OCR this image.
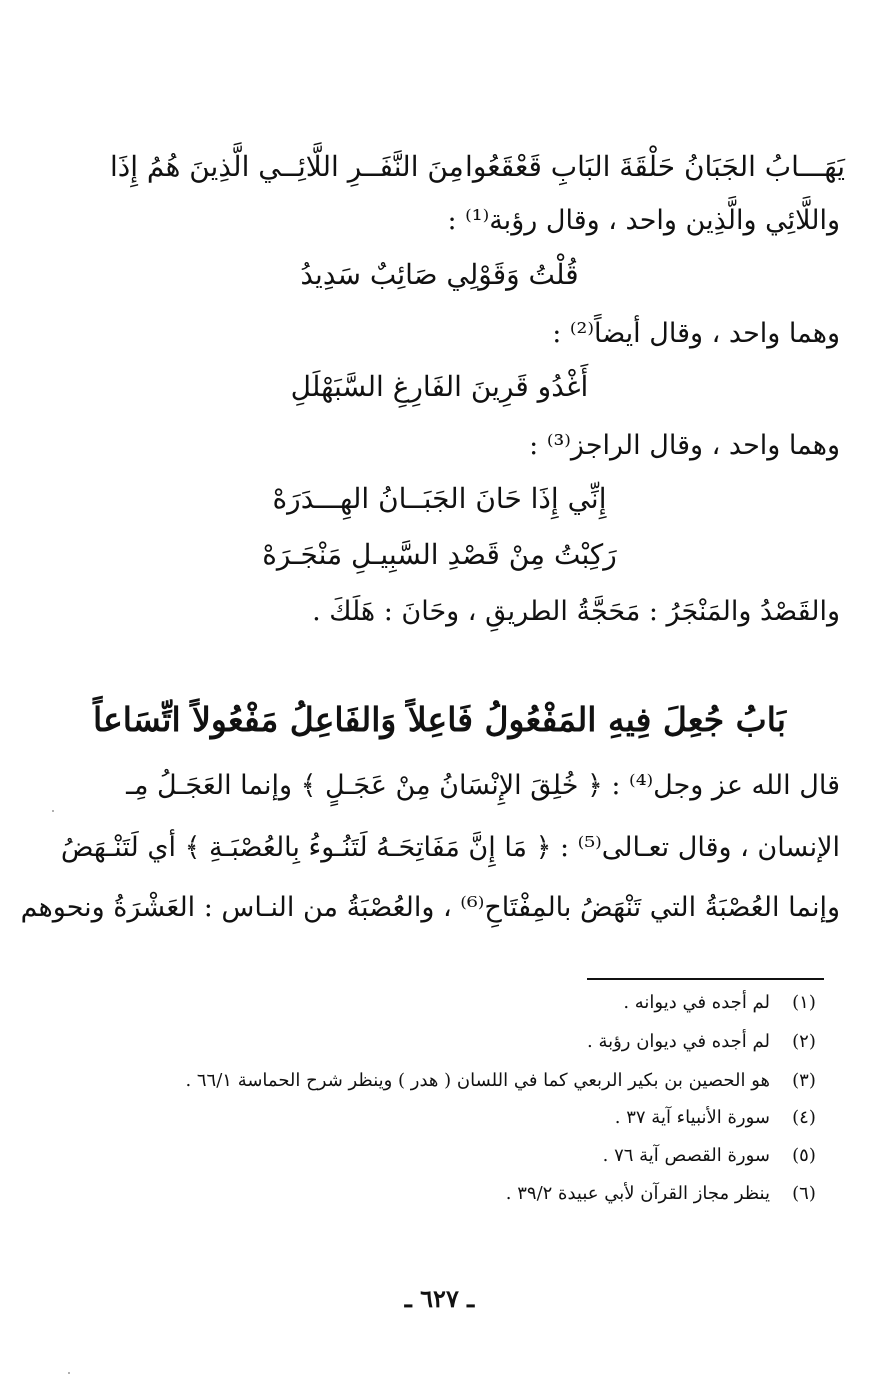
يَهَـــابُ الجَبَانُ حَلْقَةَ البَابِ قَعْقَعُوا
مِنَ النَّفَــرِ اللَّائِــي الَّذِينَ هُمُ إِذَا
واللَّائِي والَّذِين واحد ، وقال رؤبة⁽¹⁾ :
قُلْتُ وَقَوْلِي صَائِبٌ سَدِيدُ
وهما واحد ، وقال أيضاً⁽²⁾ :
أَغْدُو قَرِينَ الفَارِغِ السَّبَهْلَلِ
وهما واحد ، وقال الراجز⁽³⁾ :
إِنِّي إِذَا حَانَ الجَبَــانُ الهِـــدَرَهْ
رَكِبْتُ مِنْ قَصْدِ السَّبِيـلِ مَنْجَـرَهْ
والقَصْدُ والمَنْجَرُ : مَحَجَّةُ الطريقِ ، وحَانَ : هَلَكَ .
بَابُ جُعِلَ فِيهِ المَفْعُولُ فَاعِلاً وَالفَاعِلُ مَفْعُولاً اتِّسَاعاً
قال الله عز وجل⁽⁴⁾ : ﴿ خُلِقَ الإِنْسَانُ مِنْ عَجَـلٍ ﴾ وإنما العَجَـلُ مِـ
الإنسان ، وقال تعـالى⁽⁵⁾ : ﴿ مَا إِنَّ مَفَاتِحَـهُ لَتَنُـوءُ بِالعُصْبَـةِ ﴾ أي لَتَنْـهَضُ
وإنما العُصْبَةُ التي تَنْهَضُ بالمِفْتَاحِ⁽⁶⁾ ، والعُصْبَةُ من النـاس : العَشْرَةُ ونحوهم
(١)لم أجده في ديوانه .
(٢)لم أجده في ديوان رؤبة .
(٣)هو الحصين بن بكير الربعي كما في اللسان ( هدر ) وينظر شرح الحماسة ٦٦/١ .
(٤)سورة الأنبياء آية ٣٧ .
(٥)سورة القصص آية ٧٦ .
(٦)ينظر مجاز القرآن لأبي عبيدة ٣٩/٢ .
ـ ٦٢٧ ـ
